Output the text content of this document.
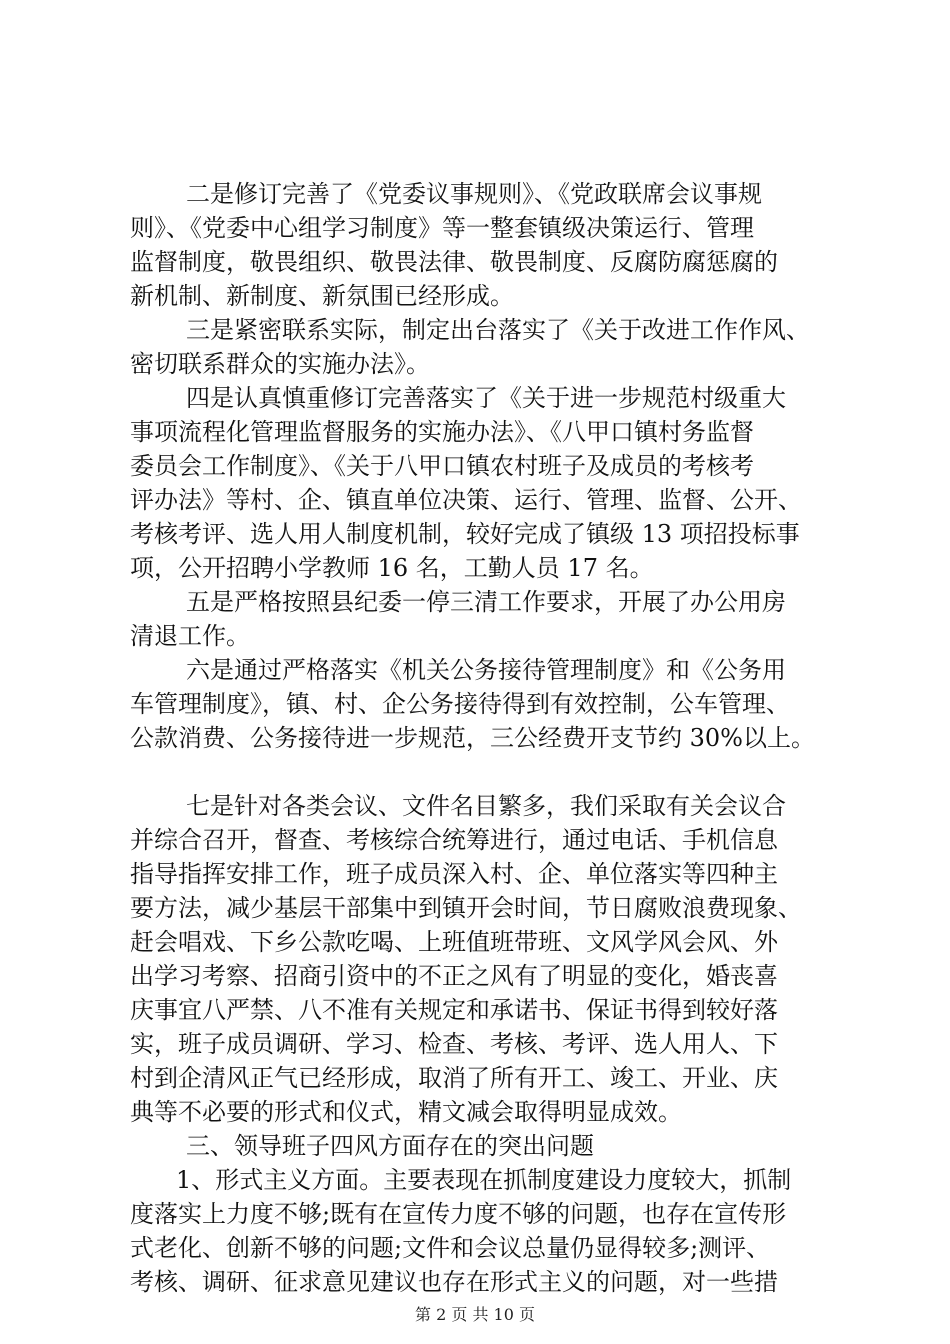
二是修订完善了《党委议事规则》、《党政联席会议事规

则》、《党委中心组学习制度》等一整套镇级决策运行、管理

监督制度，敬畏组织、敬畏法律、敬畏制度、反腐防腐惩腐的

新机制、新制度、新氛围已经形成。

三是紧密联系实际，制定出台落实了《关于改进工作作风、

密切联系群众的实施办法》。

四是认真慎重修订完善落实了《关于进一步规范村级重大

事项流程化管理监督服务的实施办法》、《八甲口镇村务监督

委员会工作制度》、《关于八甲口镇农村班子及成员的考核考

评办法》等村、企、镇直单位决策、运行、管理、监督、公开、

考核考评、选人用人制度机制，较好完成了镇级 13 项招投标事

项，公开招聘小学教师 16 名，工勤人员 17 名。

五是严格按照县纪委一停三清工作要求，开展了办公用房

清退工作。

六是通过严格落实《机关公务接待管理制度》和《公务用

车管理制度》，镇、村、企公务接待得到有效控制，公车管理、

公款消费、公务接待进一步规范，三公经费开支节约 30%以上。

七是针对各类会议、文件名目繁多，我们采取有关会议合

并综合召开，督查、考核综合统筹进行，通过电话、手机信息

指导指挥安排工作，班子成员深入村、企、单位落实等四种主

要方法，减少基层干部集中到镇开会时间，节日腐败浪费现象、

赶会唱戏、下乡公款吃喝、上班值班带班、文风学风会风、外

出学习考察、招商引资中的不正之风有了明显的变化，婚丧喜

庆事宜八严禁、八不准有关规定和承诺书、保证书得到较好落

实，班子成员调研、学习、检查、考核、考评、选人用人、下

村到企清风正气已经形成，取消了所有开工、竣工、开业、庆

典等不必要的形式和仪式，精文减会取得明显成效。

三、领导班子四风方面存在的突出问题

1、形式主义方面。主要表现在抓制度建设力度较大，抓制

度落实上力度不够;既有在宣传力度不够的问题，也存在宣传形

式老化、创新不够的问题;文件和会议总量仍显得较多;测评、

考核、调研、征求意见建议也存在形式主义的问题，对一些措

第 2 页 共 10 页
